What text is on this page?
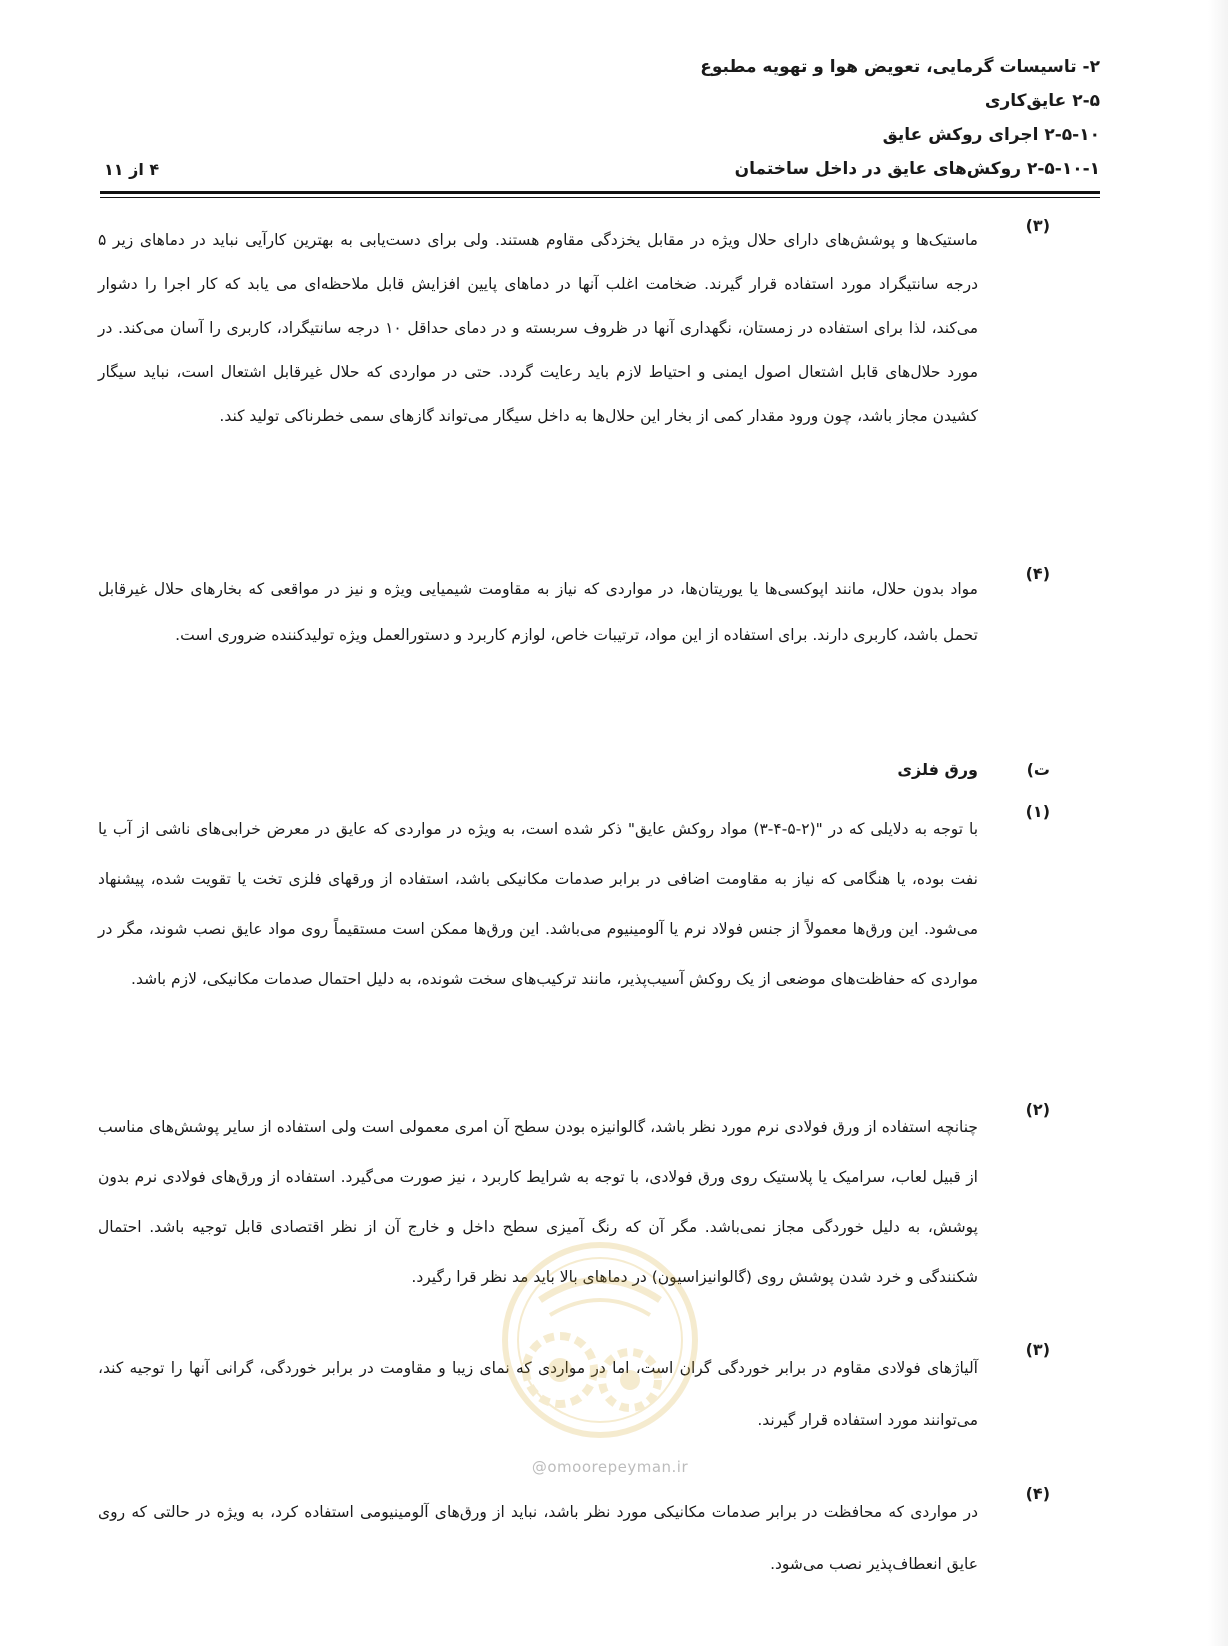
۲- تاسیسات گرمایی، تعویض هوا و تهویه مطبوع
۲-۵ عایق‌کاری
۲-۵-۱۰ اجرای روکش عایق
۲-۵-۱۰-۱ روکش‌های عایق در داخل ساختمان
۴ از ۱۱
(۳)
ماستیک‌ها و پوشش‌های دارای حلال ویژه در مقابل یخزدگی مقاوم هستند. ولی برای دست‌یابی به بهترین کارآیی نباید در دماهای زیر ۵ درجه سانتیگراد مورد استفاده قرار گیرند. ضخامت اغلب آنها در دماهای پایین افزایش قابل ملاحظه‌ای می یابد که کار اجرا را دشوار می‌کند، لذا برای استفاده در زمستان، نگهداری آنها در ظروف سربسته و در دمای حداقل ۱۰ درجه سانتیگراد، کاربری را آسان می‌کند. در مورد حلال‌های قابل اشتعال اصول ایمنی و احتیاط لازم باید رعایت گردد. حتی در مواردی که حلال غیرقابل اشتعال است، نباید سیگار کشیدن مجاز باشد، چون ورود مقدار کمی از بخار این حلال‌ها به داخل سیگار می‌تواند گازهای سمی خطرناکی تولید کند.
(۴)
مواد بدون حلال، مانند اپوکسی‌ها یا یوریتان‌ها، در مواردی که نیاز به مقاومت شیمیایی ویژه و نیز در مواقعی که بخارهای حلال غیرقابل تحمل باشد، کاربری دارند. برای استفاده از این مواد، ترتیبات خاص، لوازم کاربرد و دستورالعمل ویژه تولیدکننده ضروری است.
ت)
ورق فلزی
(۱)
با توجه به دلایلی که در "(۲-۵-۴-۳) مواد روکش عایق" ذکر شده است، به ویژه در مواردی که عایق در معرض خرابی‌های ناشی از آب یا نفت بوده، یا هنگامی که نیاز به مقاومت اضافی در برابر صدمات مکانیکی باشد، استفاده از ورقهای فلزی تخت یا تقویت شده، پیشنهاد می‌شود. این ورق‌ها معمولاً از جنس فولاد نرم یا آلومینیوم می‌باشد. این ورق‌ها ممکن است مستقیماً روی مواد عایق نصب شوند، مگر در مواردی که حفاظت‌های موضعی از یک روکش آسیب‌پذیر، مانند ترکیب‌های سخت شونده، به دلیل احتمال صدمات مکانیکی، لازم باشد.
(۲)
چنانچه استفاده از ورق فولادی نرم مورد نظر باشد، گالوانیزه بودن سطح آن امری معمولی است ولی استفاده از سایر پوشش‌های مناسب از قبیل لعاب، سرامیک یا پلاستیک روی ورق فولادی، با توجه به شرایط کاربرد ، نیز صورت می‌گیرد. استفاده از ورق‌های فولادی نرم بدون پوشش، به دلیل خوردگی مجاز نمی‌باشد. مگر آن که رنگ آمیزی سطح داخل و خارج آن از نظر اقتصادی قابل توجیه باشد. احتمال شکنندگی و خرد شدن پوشش روی (گالوانیزاسیون) در دماهای بالا باید مد نظر قرا رگیرد.
(۳)
آلیاژهای فولادی مقاوم در برابر خوردگی گران است، اما در مواردی که نمای زیبا و مقاومت در برابر خوردگی، گرانی آنها را توجیه کند، می‌توانند مورد استفاده قرار گیرند.
(۴)
در مواردی که محافظت در برابر صدمات مکانیکی مورد نظر باشد، نباید از ورق‌های آلومینیومی استفاده کرد، به ویژه در حالتی که روی عایق انعطاف‌پذیر نصب می‌شود.
@omoorepeyman.ir
